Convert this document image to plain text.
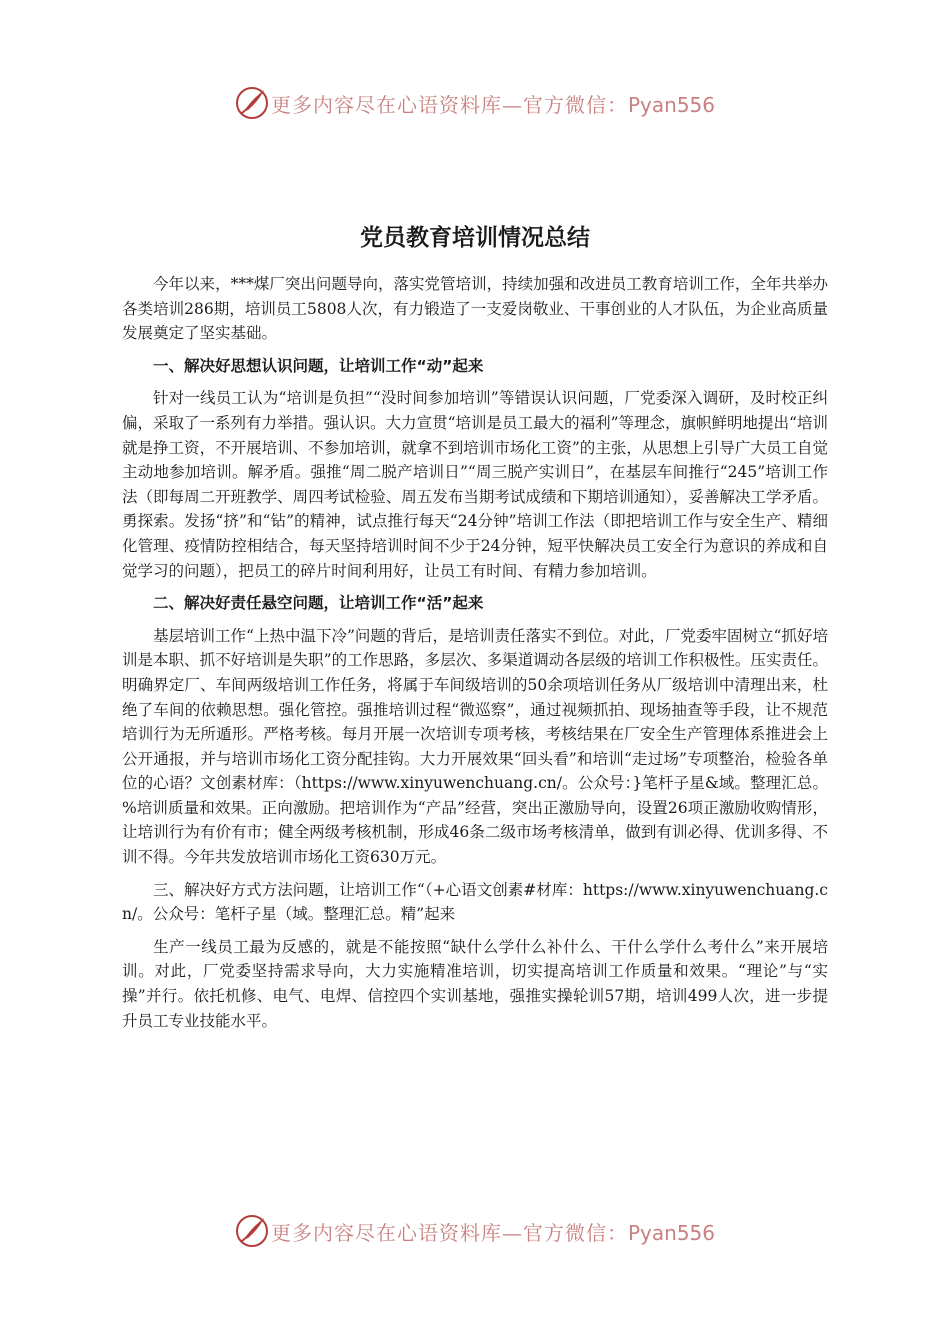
更多内容尽在心语资料库—官方微信：Pyan556
党员教育培训情况总结

今年以来，***煤厂突出问题导向，落实党管培训，持续加强和改进员工教育培训工作，全年共举办各类培训286期，培训员工5808人次，有力锻造了一支爱岗敬业、干事创业的人才队伍，为企业高质量发展奠定了坚实基础。

一、解决好思想认识问题，让培训工作“动”起来

针对一线员工认为“培训是负担”“没时间参加培训”等错误认识问题，厂党委深入调研，及时校正纠偏，采取了一系列有力举措。强认识。大力宣贯“培训是员工最大的福利”等理念，旗帜鲜明地提出“培训就是挣工资，不开展培训、不参加培训，就拿不到培训市场化工资”的主张，从思想上引导广大员工自觉主动地参加培训。解矛盾。强推“周二脱产培训日”“周三脱产实训日”，在基层车间推行“245”培训工作法（即每周二开班教学、周四考试检验、周五发布当期考试成绩和下期培训通知），妥善解决工学矛盾。勇探索。发扬“挤”和“钻”的精神，试点推行每天“24分钟”培训工作法（即把培训工作与安全生产、精细化管理、疫情防控相结合，每天坚持培训时间不少于24分钟，短平快解决员工安全行为意识的养成和自觉学习的问题），把员工的碎片时间利用好，让员工有时间、有精力参加培训。

二、解决好责任悬空问题，让培训工作“活”起来

基层培训工作“上热中温下冷”问题的背后，是培训责任落实不到位。对此，厂党委牢固树立“抓好培训是本职、抓不好培训是失职”的工作思路，多层次、多渠道调动各层级的培训工作积极性。压实责任。明确界定厂、车间两级培训工作任务，将属于车间级培训的50余项培训任务从厂级培训中清理出来，杜绝了车间的依赖思想。强化管控。强推培训过程“微巡察”，通过视频抓拍、现场抽查等手段，让不规范培训行为无所遁形。严格考核。每月开展一次培训专项考核，考核结果在厂安全生产管理体系推进会上公开通报，并与培训市场化工资分配挂钩。大力开展效果“回头看”和培训“走过场”专项整治，检验各单位的心语？文创素材库：（https://www.xinyuwenchuang.cn/。公众号：}笔杆子星&域。整理汇总。%培训质量和效果。正向激励。把培训作为“产品”经营，突出正激励导向，设置26项正激励收购情形，让培训行为有价有市；健全两级考核机制，形成46条二级市场考核清单，做到有训必得、优训多得、不训不得。今年共发放培训市场化工资630万元。

三、解决好方式方法问题，让培训工作“（+心语文创素#材库：https://www.xinyuwenchuang.cn/。公众号：笔杆子星（域。整理汇总。精”起来

生产一线员工最为反感的，就是不能按照“缺什么学什么补什么、干什么学什么考什么”来开展培训。对此，厂党委坚持需求导向，大力实施精准培训，切实提高培训工作质量和效果。“理论”与“实操”并行。依托机修、电气、电焊、信控四个实训基地，强推实操轮训57期，培训499人次，进一步提升员工专业技能水平。

更多内容尽在心语资料库—官方微信：Pyan556
